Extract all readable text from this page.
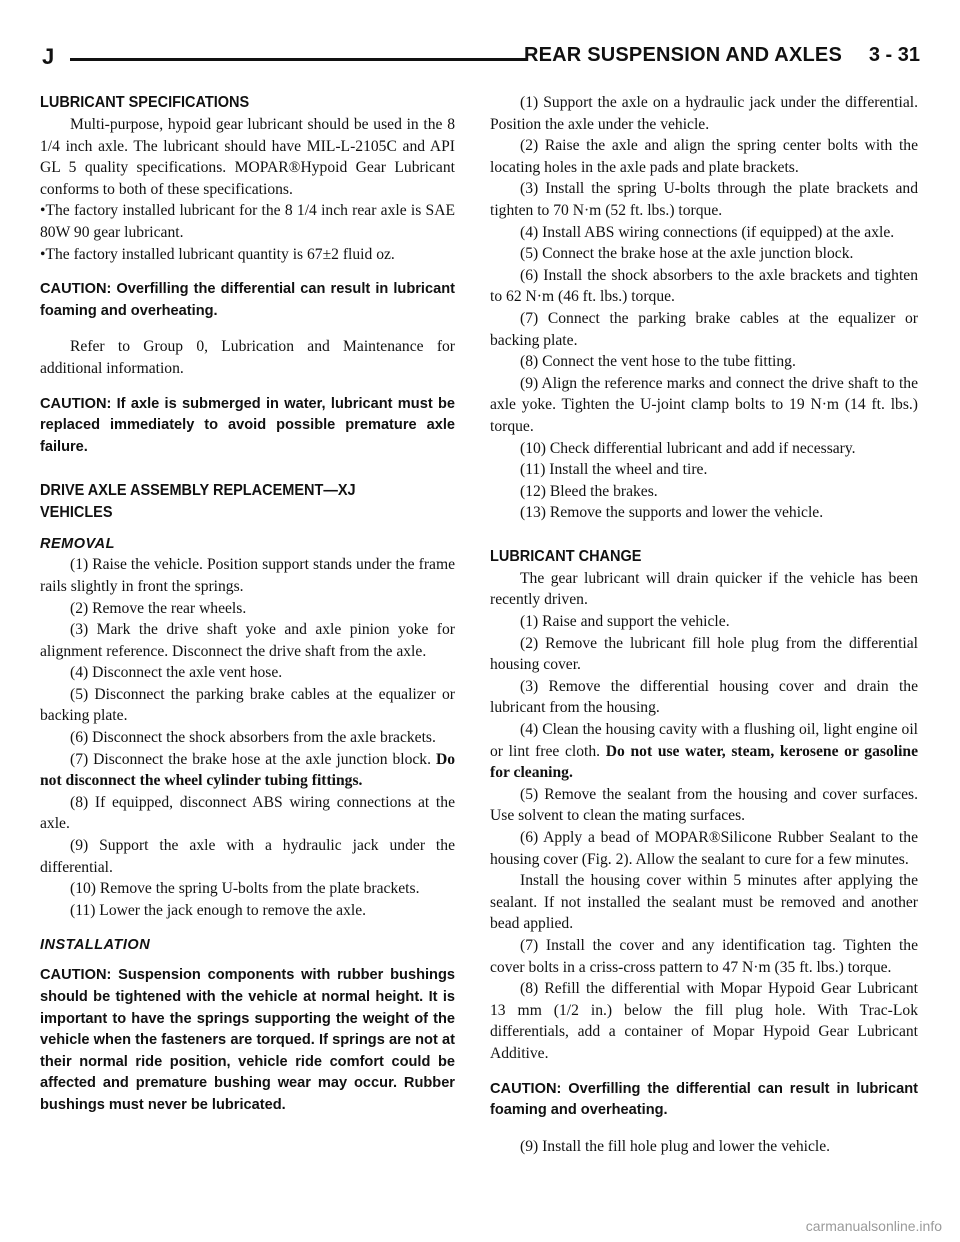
J	REAR SUSPENSION AND AXLES 3 - 31
LUBRICANT SPECIFICATIONS

Multi-purpose, hypoid gear lubricant should be used in the 8 1/4 inch axle. The lubricant should have MIL-L-2105C and API GL 5 quality specifications. MOPAR®Hypoid Gear Lubricant conforms to both of these specifications.

•The factory installed lubricant for the 8 1/4 inch rear axle is SAE 80W 90 gear lubricant.

•The factory installed lubricant quantity is 67±2 fluid oz.

CAUTION: Overfilling the differential can result in lubricant foaming and overheating.

Refer to Group 0, Lubrication and Maintenance for additional information.

CAUTION: If axle is submerged in water, lubricant must be replaced immediately to avoid possible premature axle failure.

DRIVE AXLE ASSEMBLY REPLACEMENT—XJ VEHICLES
REMOVAL

(1) Raise the vehicle. Position support stands under the frame rails slightly in front the springs.

(2) Remove the rear wheels.

(3) Mark the drive shaft yoke and axle pinion yoke for alignment reference. Disconnect the drive shaft from the axle.

(4) Disconnect the axle vent hose.

(5) Disconnect the parking brake cables at the equalizer or backing plate.

(6) Disconnect the shock absorbers from the axle brackets.

(7) Disconnect the brake hose at the axle junction block. Do not disconnect the wheel cylinder tubing fittings.

(8) If equipped, disconnect ABS wiring connections at the axle.

(9) Support the axle with a hydraulic jack under the differential.

(10) Remove the spring U-bolts from the plate brackets.

(11) Lower the jack enough to remove the axle.

INSTALLATION

CAUTION: Suspension components with rubber bushings should be tightened with the vehicle at normal height. It is important to have the springs supporting the weight of the vehicle when the fasteners are torqued. If springs are not at their normal ride position, vehicle ride comfort could be affected and premature bushing wear may occur. Rubber bushings must never be lubricated.

(1) Support the axle on a hydraulic jack under the differential. Position the axle under the vehicle.

(2) Raise the axle and align the spring center bolts with the locating holes in the axle pads and plate brackets.

(3) Install the spring U-bolts through the plate brackets and tighten to 70 N·m (52 ft. lbs.) torque.

(4) Install ABS wiring connections (if equipped) at the axle.

(5) Connect the brake hose at the axle junction block.

(6) Install the shock absorbers to the axle brackets and tighten to 62 N·m (46 ft. lbs.) torque.

(7) Connect the parking brake cables at the equalizer or backing plate.

(8) Connect the vent hose to the tube fitting.

(9) Align the reference marks and connect the drive shaft to the axle yoke. Tighten the U-joint clamp bolts to 19 N·m (14 ft. lbs.) torque.

(10) Check differential lubricant and add if necessary.

(11) Install the wheel and tire.

(12) Bleed the brakes.

(13) Remove the supports and lower the vehicle.

LUBRICANT CHANGE

The gear lubricant will drain quicker if the vehicle has been recently driven.

(1) Raise and support the vehicle.

(2) Remove the lubricant fill hole plug from the differential housing cover.

(3) Remove the differential housing cover and drain the lubricant from the housing.

(4) Clean the housing cavity with a flushing oil, light engine oil or lint free cloth. Do not use water, steam, kerosene or gasoline for cleaning.

(5) Remove the sealant from the housing and cover surfaces. Use solvent to clean the mating surfaces.

(6) Apply a bead of MOPAR®Silicone Rubber Sealant to the housing cover (Fig. 2). Allow the sealant to cure for a few minutes.

Install the housing cover within 5 minutes after applying the sealant. If not installed the sealant must be removed and another bead applied.

(7) Install the cover and any identification tag. Tighten the cover bolts in a criss-cross pattern to 47 N·m (35 ft. lbs.) torque.

(8) Refill the differential with Mopar Hypoid Gear Lubricant 13 mm (1/2 in.) below the fill plug hole. With Trac-Lok differentials, add a container of Mopar Hypoid Gear Lubricant Additive.

CAUTION: Overfilling the differential can result in lubricant foaming and overheating.

(9) Install the fill hole plug and lower the vehicle.

carmanualsonline.info
